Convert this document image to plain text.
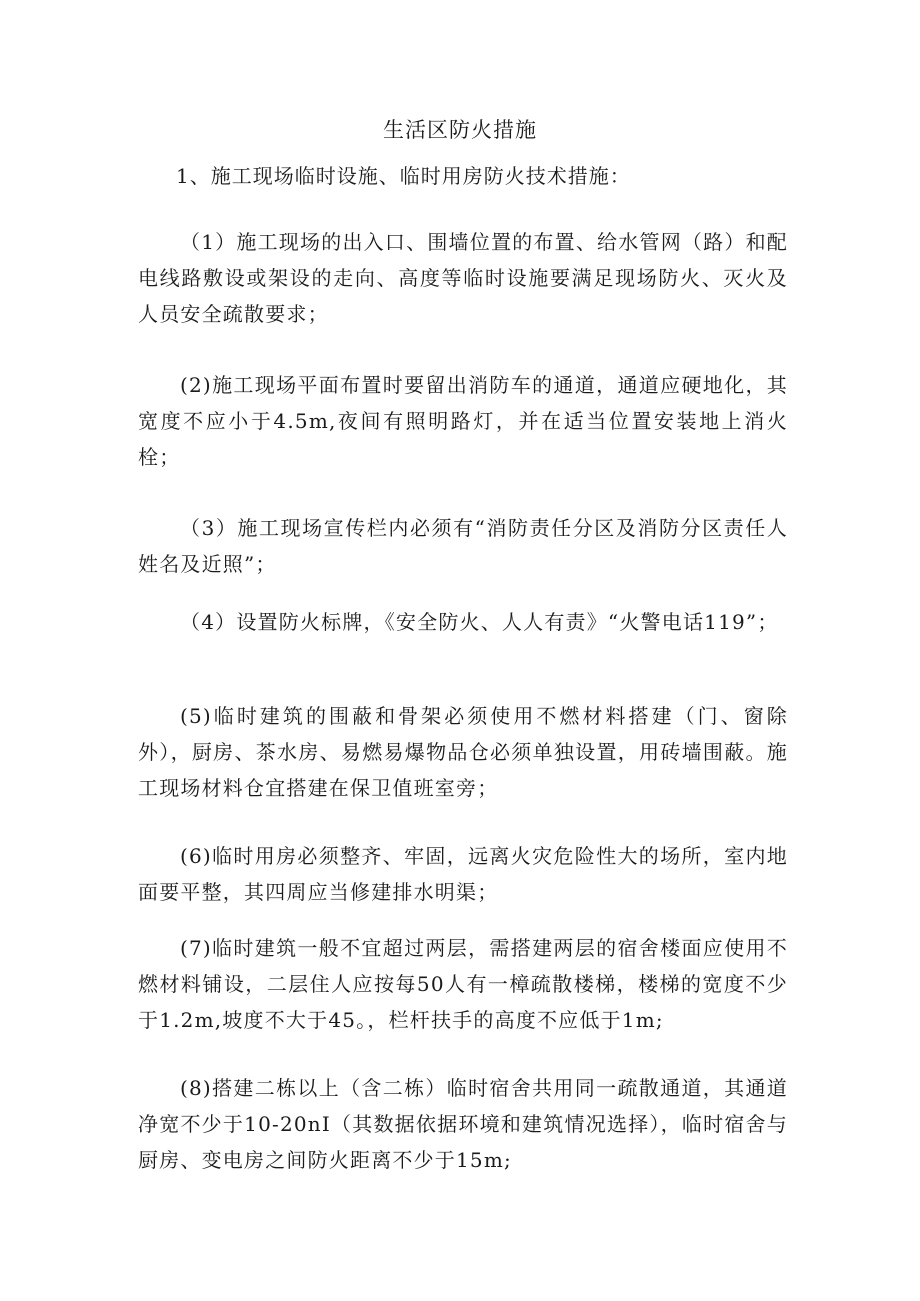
生活区防火措施
1、施工现场临时设施、临时用房防火技术措施：

（1）施工现场的出入口、围墙位置的布置、给水管网（路）和配电线路敷设或架设的走向、高度等临时设施要满足现场防火、灭火及人员安全疏散要求；

(2)施工现场平面布置时要留出消防车的通道，通道应硬地化，其宽度不应小于4.5m,夜间有照明路灯，并在适当位置安装地上消火栓；

（3）施工现场宣传栏内必须有“消防责任分区及消防分区责任人姓名及近照”；

（4）设置防火标牌，《安全防火、人人有责》“火警电话119”；

(5)临时建筑的围蔽和骨架必须使用不燃材料搭建（门、窗除外），厨房、茶水房、易燃易爆物品仓必须单独设置，用砖墙围蔽。施工现场材料仓宜搭建在保卫值班室旁；

(6)临时用房必须整齐、牢固，远离火灾危险性大的场所，室内地面要平整，其四周应当修建排水明渠；

(7)临时建筑一般不宜超过两层，需搭建两层的宿舍楼面应使用不燃材料铺设，二层住人应按每50人有一樟疏散楼梯，楼梯的宽度不少于1.2m,坡度不大于45。，栏杆扶手的高度不应低于1m;

(8)搭建二栋以上（含二栋）临时宿舍共用同一疏散通道，其通道净宽不少于10-20nI（其数据依据环境和建筑情况选择），临时宿舍与厨房、变电房之间防火距离不少于15m;
